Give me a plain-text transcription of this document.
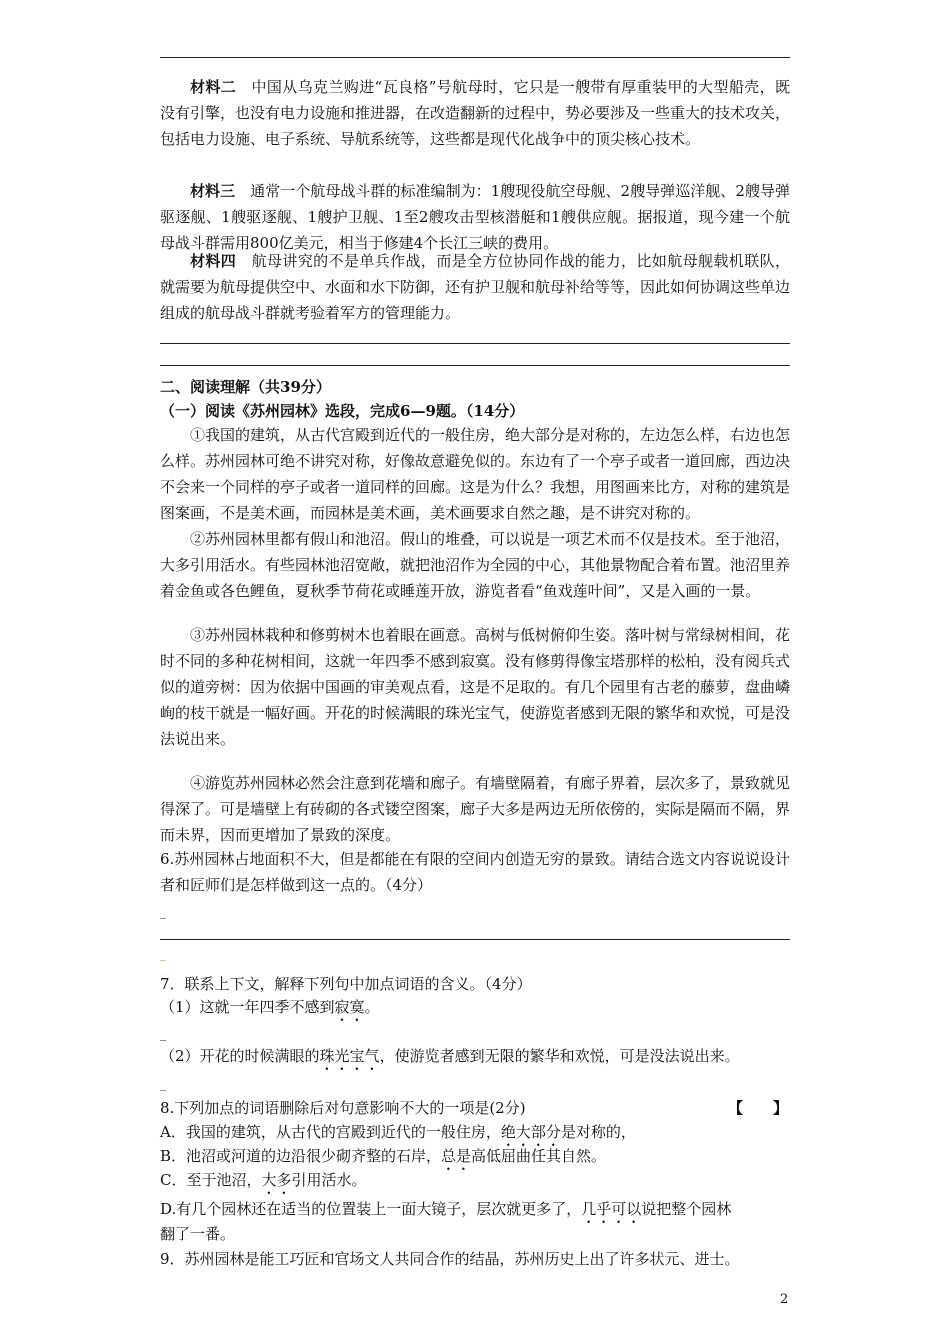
材料二　 中国从乌克兰购进“瓦良格”号航母时，它只是一艘带有厚重装甲的大型船壳，既没有引擎，也没有电力设施和推进器，在改造翻新的过程中，势必要涉及一些重大的技术攻关，包括电力设施、电子系统、导航系统等，这些都是现代化战争中的顶尖核心技术。

材料三　 通常一个航母战斗群的标准编制为：1艘现役航空母舰、2艘导弹巡洋舰、2艘导弹驱逐舰、1艘驱逐舰、1艘护卫舰、1至2艘攻击型核潜艇和1艘供应舰。据报道，现今建一个航母战斗群需用800亿美元，相当于修建4个长江三峡的费用。

材料四　 航母讲究的不是单兵作战，而是全方位协同作战的能力，比如航母舰载机联队，就需要为航母提供空中、水面和水下防御，还有护卫舰和航母补给等等，因此如何协调这些单边组成的航母战斗群就考验着军方的管理能力。

二、阅读理解（共39分）

（一）阅读《苏州园林》选段，完成6—9题。（14分）

①我国的建筑，从古代宫殿到近代的一般住房，绝大部分是对称的，左边怎么样，右边也怎么样。苏州园林可绝不讲究对称，好像故意避免似的。东边有了一个亭子或者一道回廊，西边决不会来一个同样的亭子或者一道同样的回廊。这是为什么？我想，用图画来比方，对称的建筑是图案画，不是美术画，而园林是美术画，美术画要求自然之趣，是不讲究对称的。

②苏州园林里都有假山和池沼。假山的堆叠，可以说是一项艺术而不仅是技术。至于池沼，大多引用活水。有些园林池沼宽敞，就把池沼作为全园的中心，其他景物配合着布置。池沼里养着金鱼或各色鲤鱼，夏秋季节荷花或睡莲开放，游览者看“鱼戏莲叶间”，又是入画的一景。

③苏州园林栽种和修剪树木也着眼在画意。高树与低树俯仰生姿。落叶树与常绿树相间，花时不同的多种花树相间，这就一年四季不感到寂寞。没有修剪得像宝塔那样的松柏，没有阅兵式似的道旁树：因为依据中国画的审美观点看，这是不足取的。有几个园里有古老的藤萝，盘曲嶙峋的枝干就是一幅好画。开花的时候满眼的珠光宝气，使游览者感到无限的繁华和欢悦，可是没法说出来。

④游览苏州园林必然会注意到花墙和廊子。有墙壁隔着，有廊子界着，层次多了，景致就见得深了。可是墙壁上有砖砌的各式镂空图案，廊子大多是两边无所依傍的，实际是隔而不隔，界而未界，因而更增加了景致的深度。

6.苏州园林占地面积不大，但是都能在有限的空间内创造无穷的景致。请结合选文内容说说设计者和匠师们是怎样做到这一点的。（4分）

_
_

7．联系上下文，解释下列句中加点词语的含义。（4分）

（1）这就一年四季不感到寂寞。

_

（2）开花的时候满眼的珠光宝气，使游览者感到无限的繁华和欢悦，可是没法说出来。

_

8.下列加点的词语删除后对句意影响不大的一项是(2分)	【　　】

A．我国的建筑，从古代的宫殿到近代的一般住房，绝大部分是对称的，

B．池沼或河道的边沿很少砌齐整的石岸，总是高低屈曲任其自然。

C．至于池沼，大多引用活水。

D.有几个园林还在适当的位置装上一面大镜子，层次就更多了，几乎可以说把整个园林

翻了一番。

9．苏州园林是能工巧匠和官场文人共同合作的结晶，苏州历史上出了许多状元、进士。

2
